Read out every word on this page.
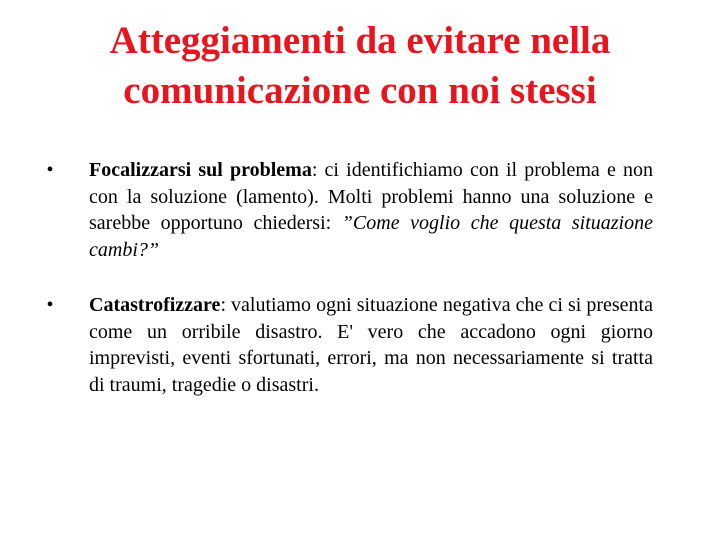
Atteggiamenti da evitare nella
comunicazione con noi stessi
•	Focalizzarsi sul problema: ci identifichiamo con il problema e non con la soluzione (lamento). Molti problemi hanno una soluzione e sarebbe opportuno chiedersi: ”Come voglio che questa situazione cambi?”
•	Catastrofizzare: valutiamo ogni situazione negativa che ci si presenta come un orribile disastro. E' vero che accadono ogni giorno imprevisti, eventi sfortunati, errori, ma non necessariamente si tratta di traumi, tragedie o disastri.
